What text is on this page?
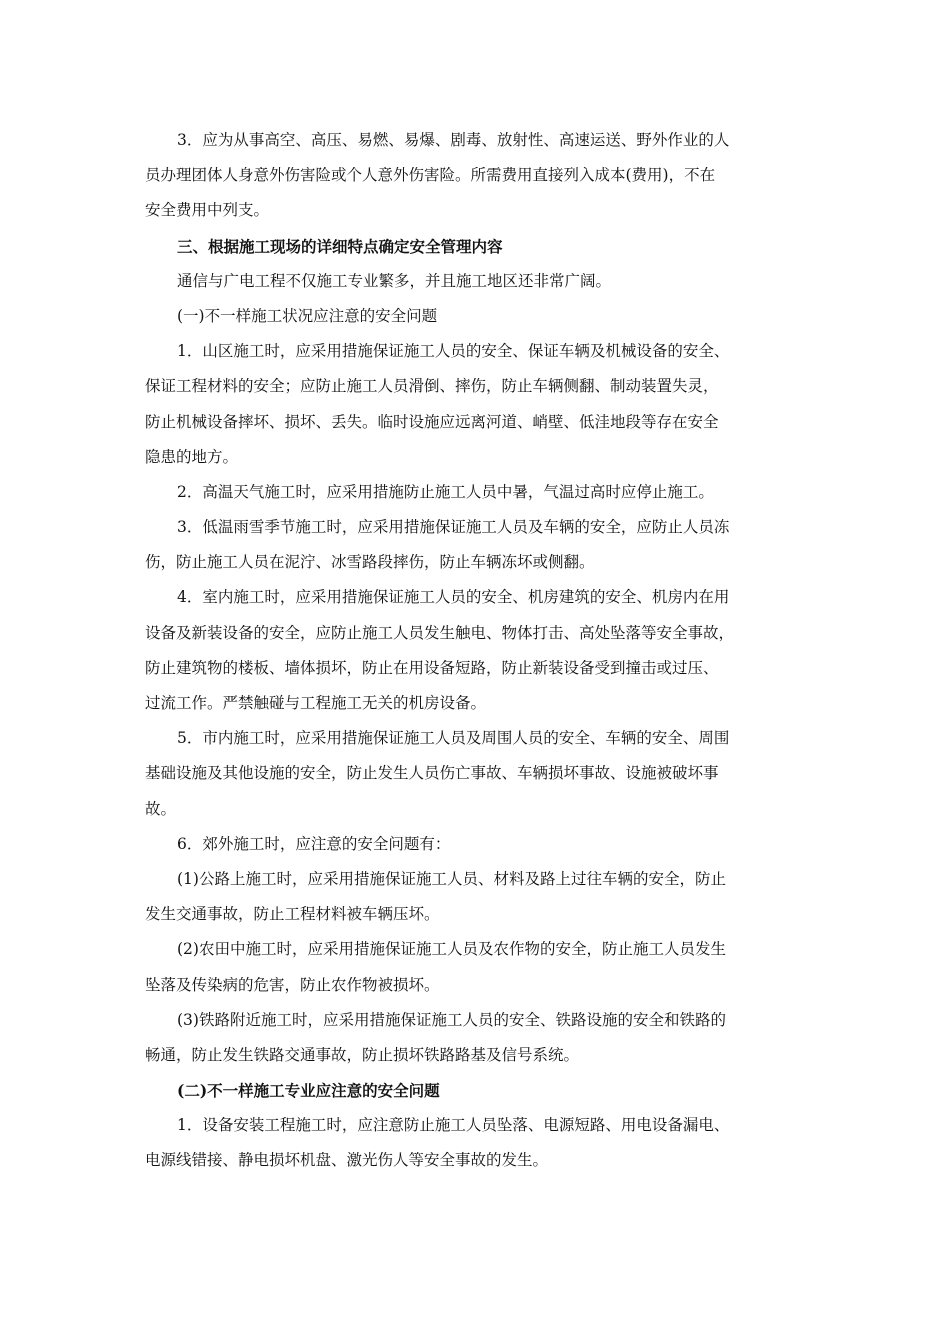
3．应为从事高空、高压、易燃、易爆、剧毒、放射性、高速运送、野外作业的人
员办理团体人身意外伤害险或个人意外伤害险。所需费用直接列入成本(费用)，不在
安全费用中列支。
三、根据施工现场的详细特点确定安全管理内容
通信与广电工程不仅施工专业繁多，并且施工地区还非常广阔。
(一)不一样施工状况应注意的安全问题
1．山区施工时，应采用措施保证施工人员的安全、保证车辆及机械设备的安全、
保证工程材料的安全；应防止施工人员滑倒、摔伤，防止车辆侧翻、制动装置失灵，
防止机械设备摔坏、损坏、丢失。临时设施应远离河道、峭壁、低洼地段等存在安全
隐患的地方。
2．高温天气施工时，应采用措施防止施工人员中暑，气温过高时应停止施工。
3．低温雨雪季节施工时，应采用措施保证施工人员及车辆的安全，应防止人员冻
伤，防止施工人员在泥泞、冰雪路段摔伤，防止车辆冻坏或侧翻。
4．室内施工时，应采用措施保证施工人员的安全、机房建筑的安全、机房内在用
设备及新装设备的安全，应防止施工人员发生触电、物体打击、高处坠落等安全事故，
防止建筑物的楼板、墙体损坏，防止在用设备短路，防止新装设备受到撞击或过压、
过流工作。严禁触碰与工程施工无关的机房设备。
5．市内施工时，应采用措施保证施工人员及周围人员的安全、车辆的安全、周围
基础设施及其他设施的安全，防止发生人员伤亡事故、车辆损坏事故、设施被破坏事
故。
6．郊外施工时，应注意的安全问题有：
(1)公路上施工时，应采用措施保证施工人员、材料及路上过往车辆的安全，防止
发生交通事故，防止工程材料被车辆压坏。
(2)农田中施工时，应采用措施保证施工人员及农作物的安全，防止施工人员发生
坠落及传染病的危害，防止农作物被损坏。
(3)铁路附近施工时，应采用措施保证施工人员的安全、铁路设施的安全和铁路的
畅通，防止发生铁路交通事故，防止损坏铁路路基及信号系统。
(二)不一样施工专业应注意的安全问题
1．设备安装工程施工时，应注意防止施工人员坠落、电源短路、用电设备漏电、
电源线错接、静电损坏机盘、激光伤人等安全事故的发生。
